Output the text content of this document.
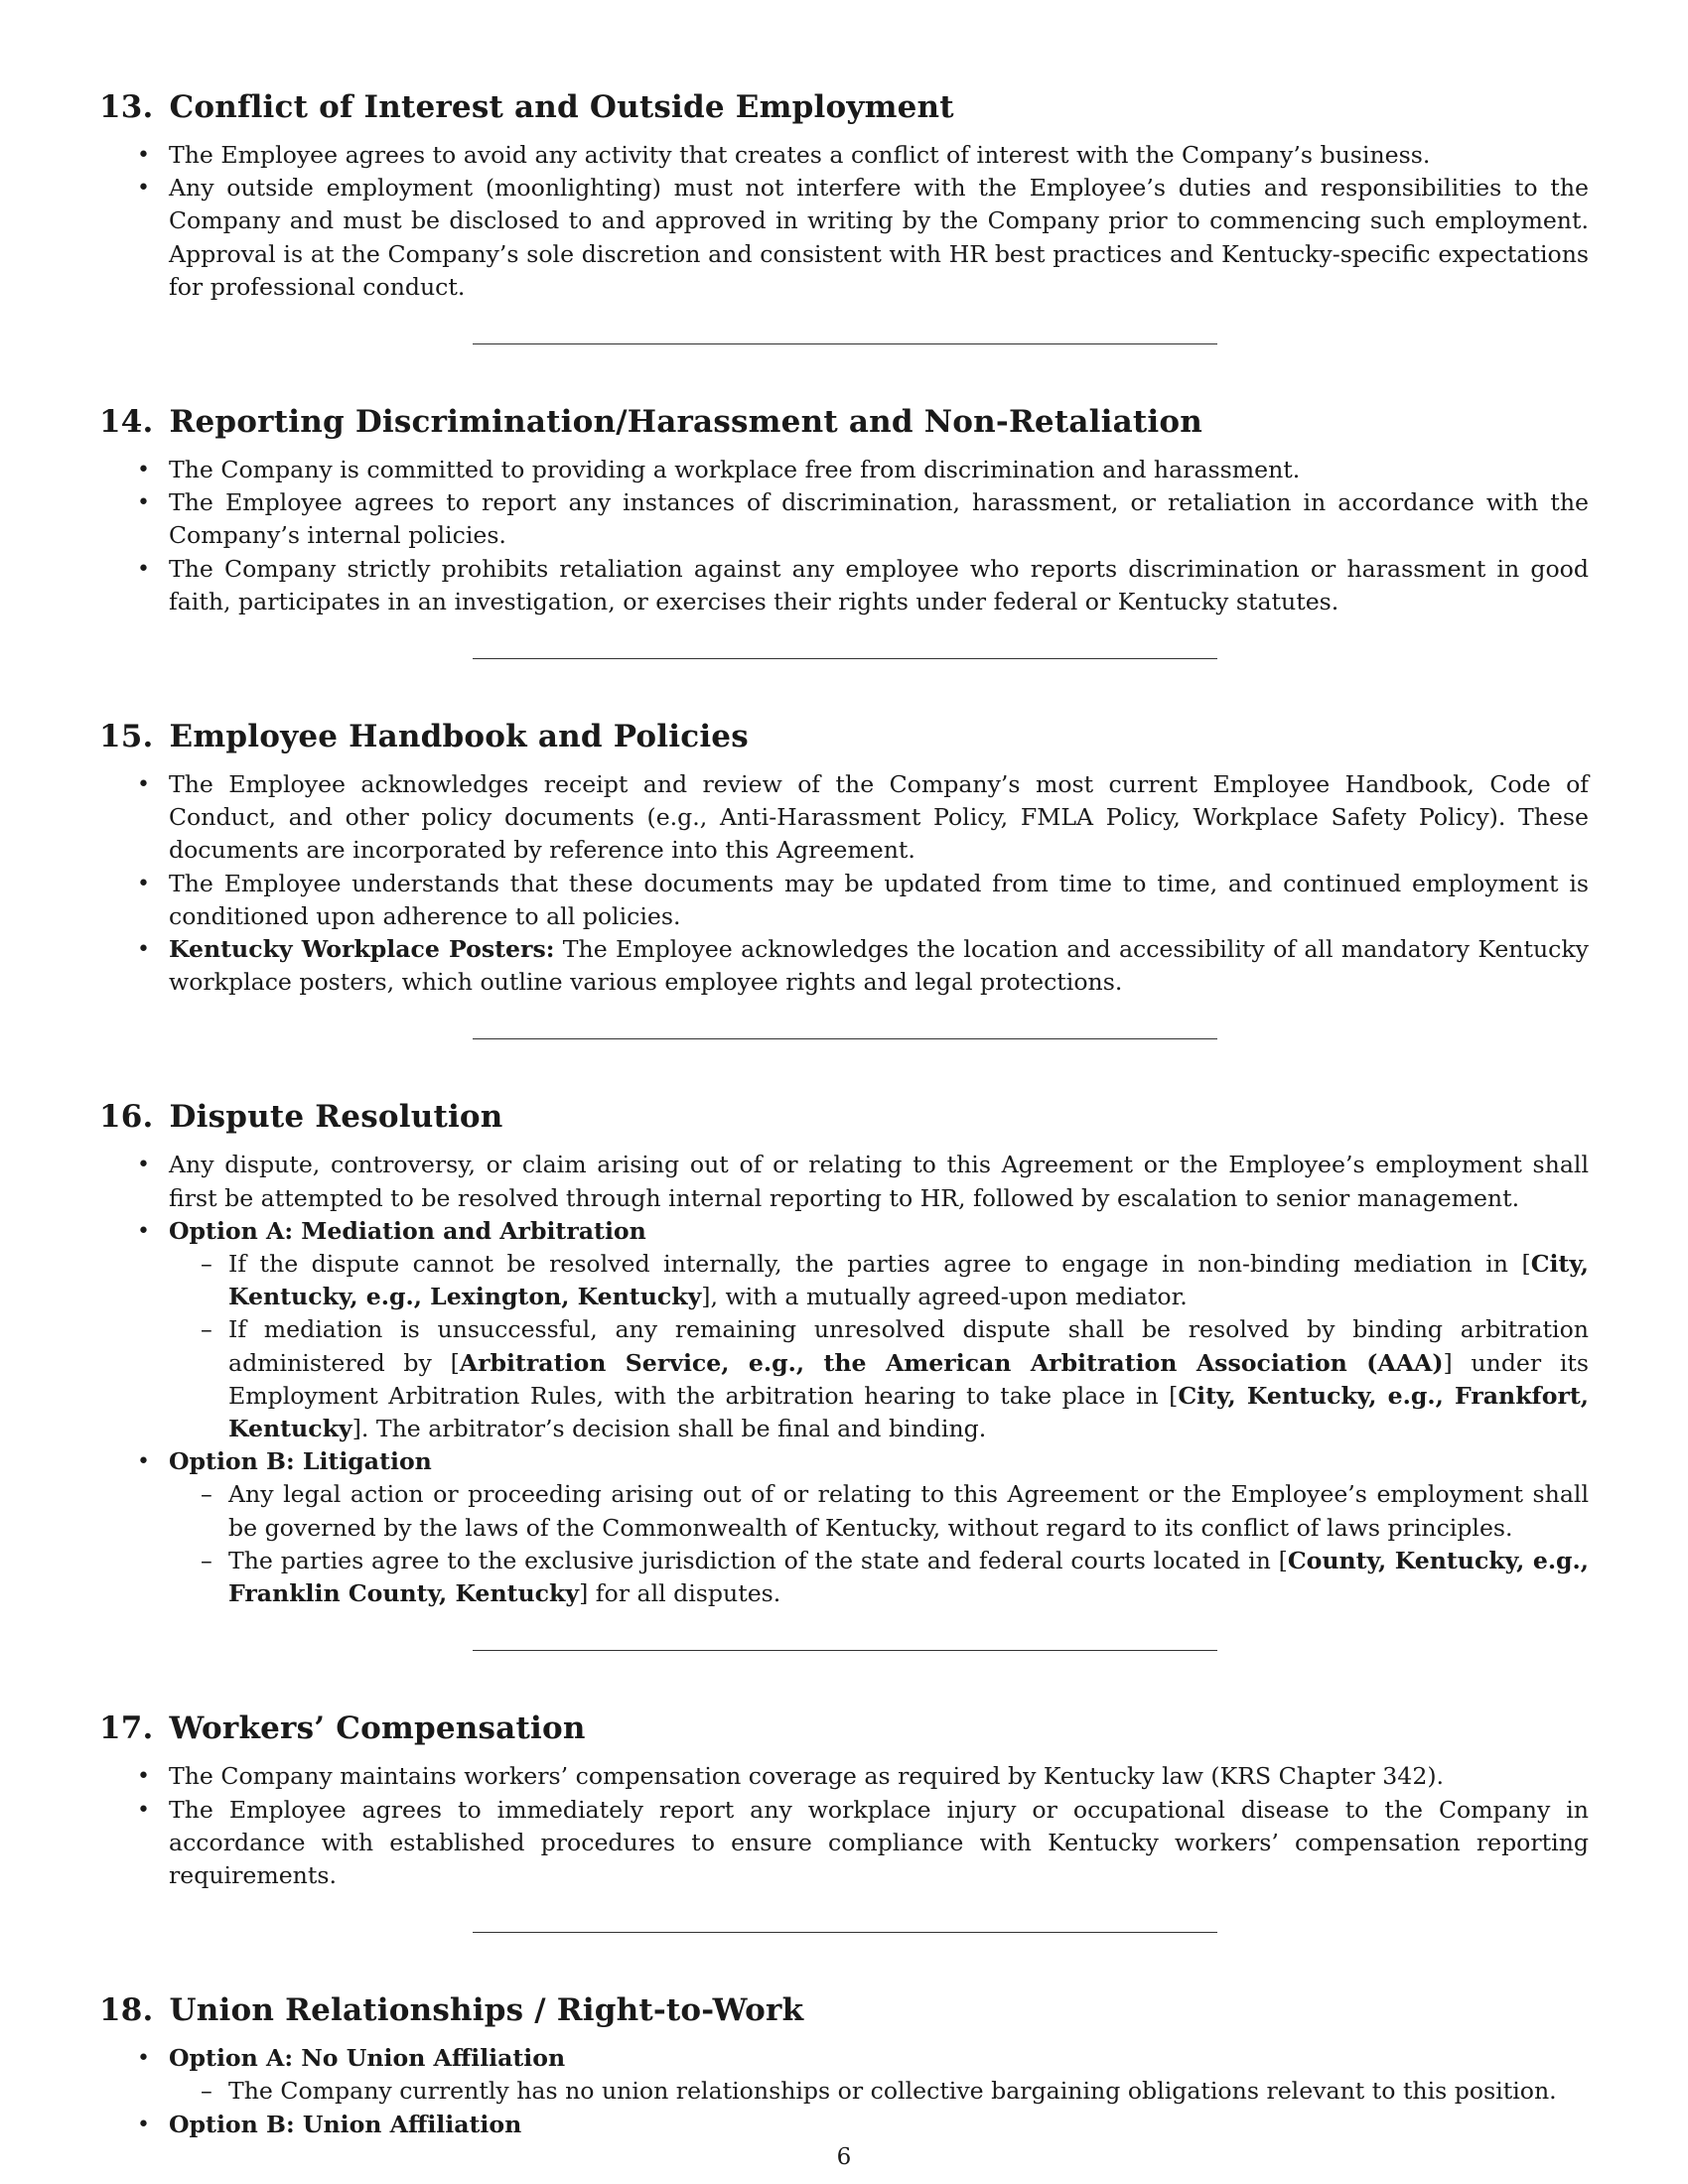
13. Conflict of Interest and Outside Employment
• The Employee agrees to avoid any activity that creates a conflict of interest with the Company’s business.
• Any outside employment (moonlighting) must not interfere with the Employee’s duties and responsibilities to the Company and must be disclosed to and approved in writing by the Company prior to commencing such employment. Approval is at the Company’s sole discretion and consistent with HR best practices and Kentucky-specific expectations for professional conduct.
14. Reporting Discrimination/Harassment and Non-Retaliation
• The Company is committed to providing a workplace free from discrimination and harassment.
• The Employee agrees to report any instances of discrimination, harassment, or retaliation in accordance with the Company’s internal policies.
• The Company strictly prohibits retaliation against any employee who reports discrimination or harassment in good faith, participates in an investigation, or exercises their rights under federal or Kentucky statutes.
15. Employee Handbook and Policies
• The Employee acknowledges receipt and review of the Company’s most current Employee Handbook, Code of Conduct, and other policy documents (e.g., Anti-Harassment Policy, FMLA Policy, Workplace Safety Policy). These documents are incorporated by reference into this Agreement.
• The Employee understands that these documents may be updated from time to time, and continued employment is conditioned upon adherence to all policies.
• Kentucky Workplace Posters: The Employee acknowledges the location and accessibility of all mandatory Kentucky workplace posters, which outline various employee rights and legal protections.
16. Dispute Resolution
• Any dispute, controversy, or claim arising out of or relating to this Agreement or the Employee’s employment shall first be attempted to be resolved through internal reporting to HR, followed by escalation to senior management.
• Option A: Mediation and Arbitration
– If the dispute cannot be resolved internally, the parties agree to engage in non-binding mediation in [City, Kentucky, e.g., Lexington, Kentucky], with a mutually agreed-upon mediator.
– If mediation is unsuccessful, any remaining unresolved dispute shall be resolved by binding arbitration administered by [Arbitration Service, e.g., the American Arbitration Association (AAA)] under its Employment Arbitration Rules, with the arbitration hearing to take place in [City, Kentucky, e.g., Frankfort, Kentucky]. The arbitrator’s decision shall be final and binding.
• Option B: Litigation
– Any legal action or proceeding arising out of or relating to this Agreement or the Employee’s employment shall be governed by the laws of the Commonwealth of Kentucky, without regard to its conflict of laws principles.
– The parties agree to the exclusive jurisdiction of the state and federal courts located in [County, Kentucky, e.g., Franklin County, Kentucky] for all disputes.
17. Workers’ Compensation
• The Company maintains workers’ compensation coverage as required by Kentucky law (KRS Chapter 342).
• The Employee agrees to immediately report any workplace injury or occupational disease to the Company in accordance with established procedures to ensure compliance with Kentucky workers’ compensation reporting requirements.
18. Union Relationships / Right-to-Work
• Option A: No Union Affiliation
– The Company currently has no union relationships or collective bargaining obligations relevant to this position.
• Option B: Union Affiliation
6
